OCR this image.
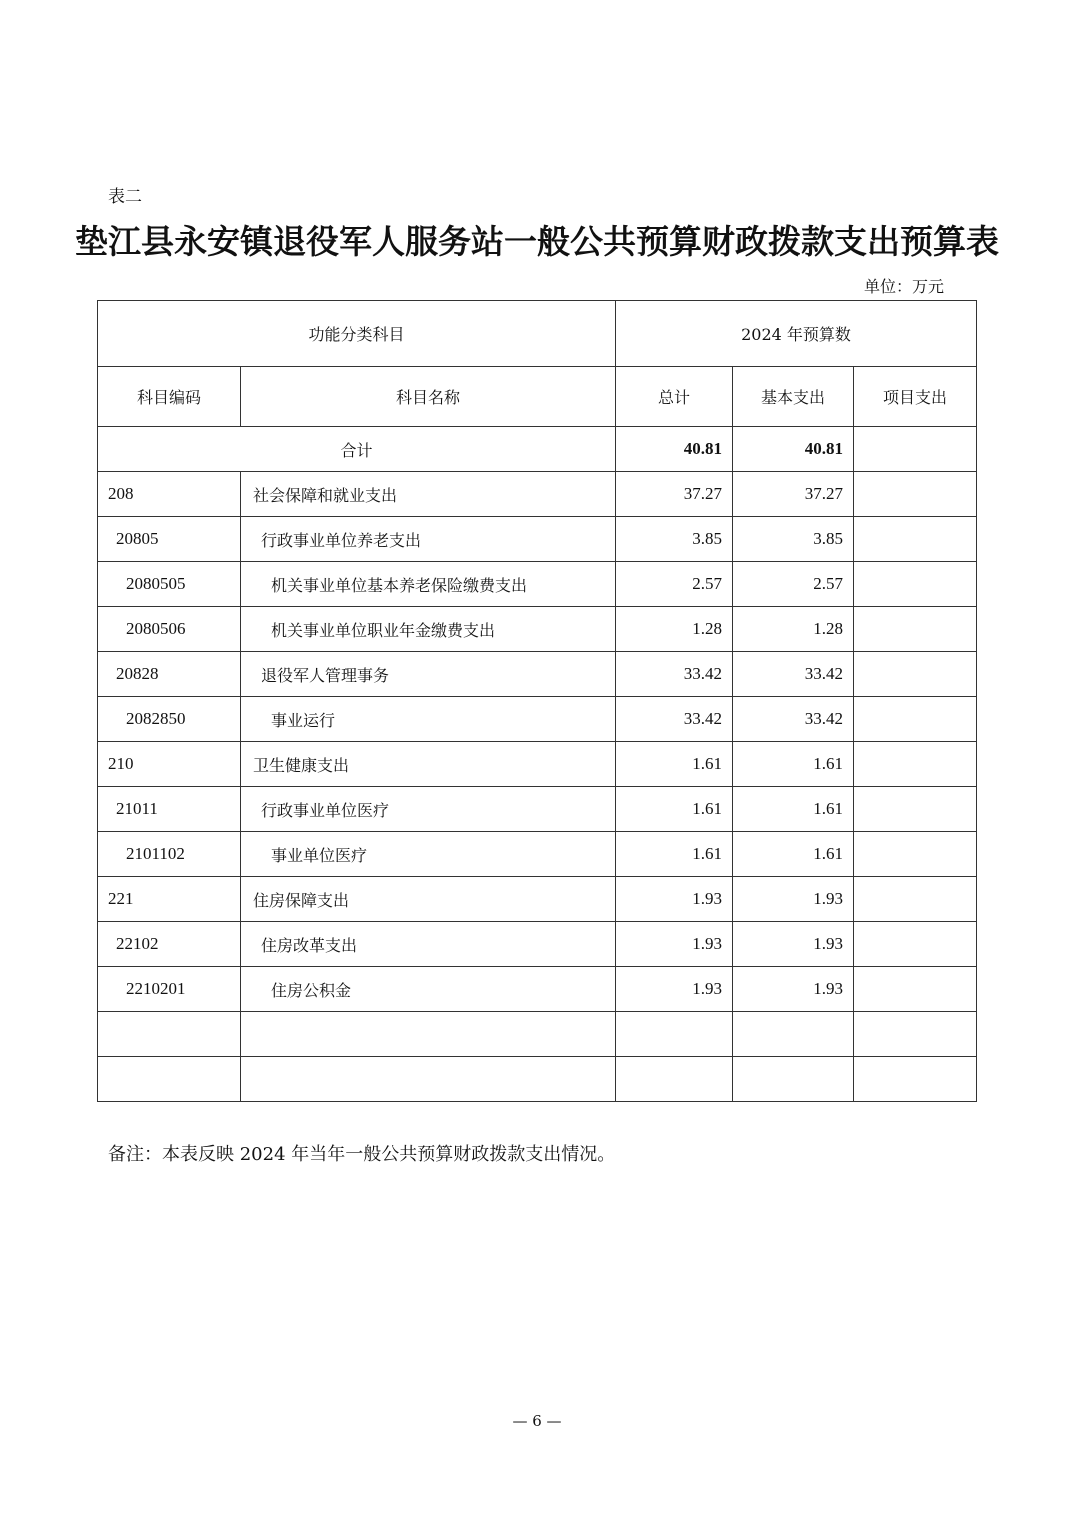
表二
垫江县永安镇退役军人服务站一般公共预算财政拨款支出预算表
单位：万元
功能分类科目		2024 年预算数		
科目编码	科目名称	总计	基本支出	项目支出
合计		40.81	40.81	
208	社会保障和就业支出	37.27	37.27	
20805	行政事业单位养老支出	3.85	3.85	
2080505	机关事业单位基本养老保险缴费支出	2.57	2.57	
2080506	机关事业单位职业年金缴费支出	1.28	1.28	
20828	退役军人管理事务	33.42	33.42	
2082850	事业运行	33.42	33.42	
210	卫生健康支出	1.61	1.61	
21011	行政事业单位医疗	1.61	1.61	
2101102	事业单位医疗	1.61	1.61	
221	住房保障支出	1.93	1.93	
22102	住房改革支出	1.93	1.93	
2210201	住房公积金	1.93	1.93	

备注：本表反映 2024 年当年一般公共预算财政拨款支出情况。
— 6 —
